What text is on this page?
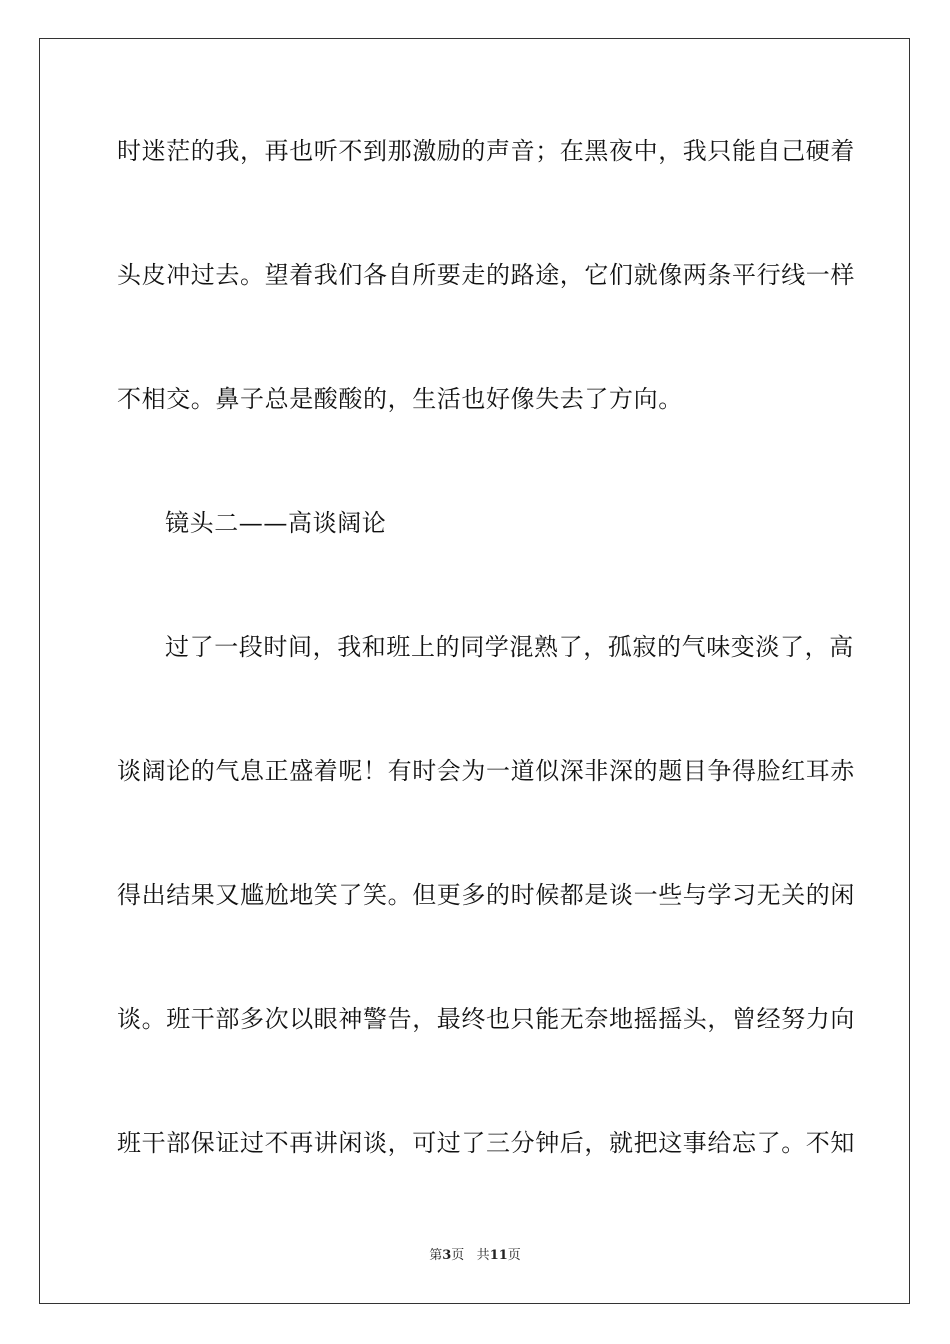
时迷茫的我，再也听不到那激励的声音；在黑夜中，我只能自己硬着
头皮冲过去。望着我们各自所要走的路途，它们就像两条平行线一样
不相交。鼻子总是酸酸的，生活也好像失去了方向。
镜头二——高谈阔论
过了一段时间，我和班上的同学混熟了，孤寂的气味变淡了，高
谈阔论的气息正盛着呢！有时会为一道似深非深的题目争得脸红耳赤
得出结果又尴尬地笑了笑。但更多的时候都是谈一些与学习无关的闲
谈。班干部多次以眼神警告，最终也只能无奈地摇摇头，曾经努力向
班干部保证过不再讲闲谈，可过了三分钟后，就把这事给忘了。不知
第3页 共11页
